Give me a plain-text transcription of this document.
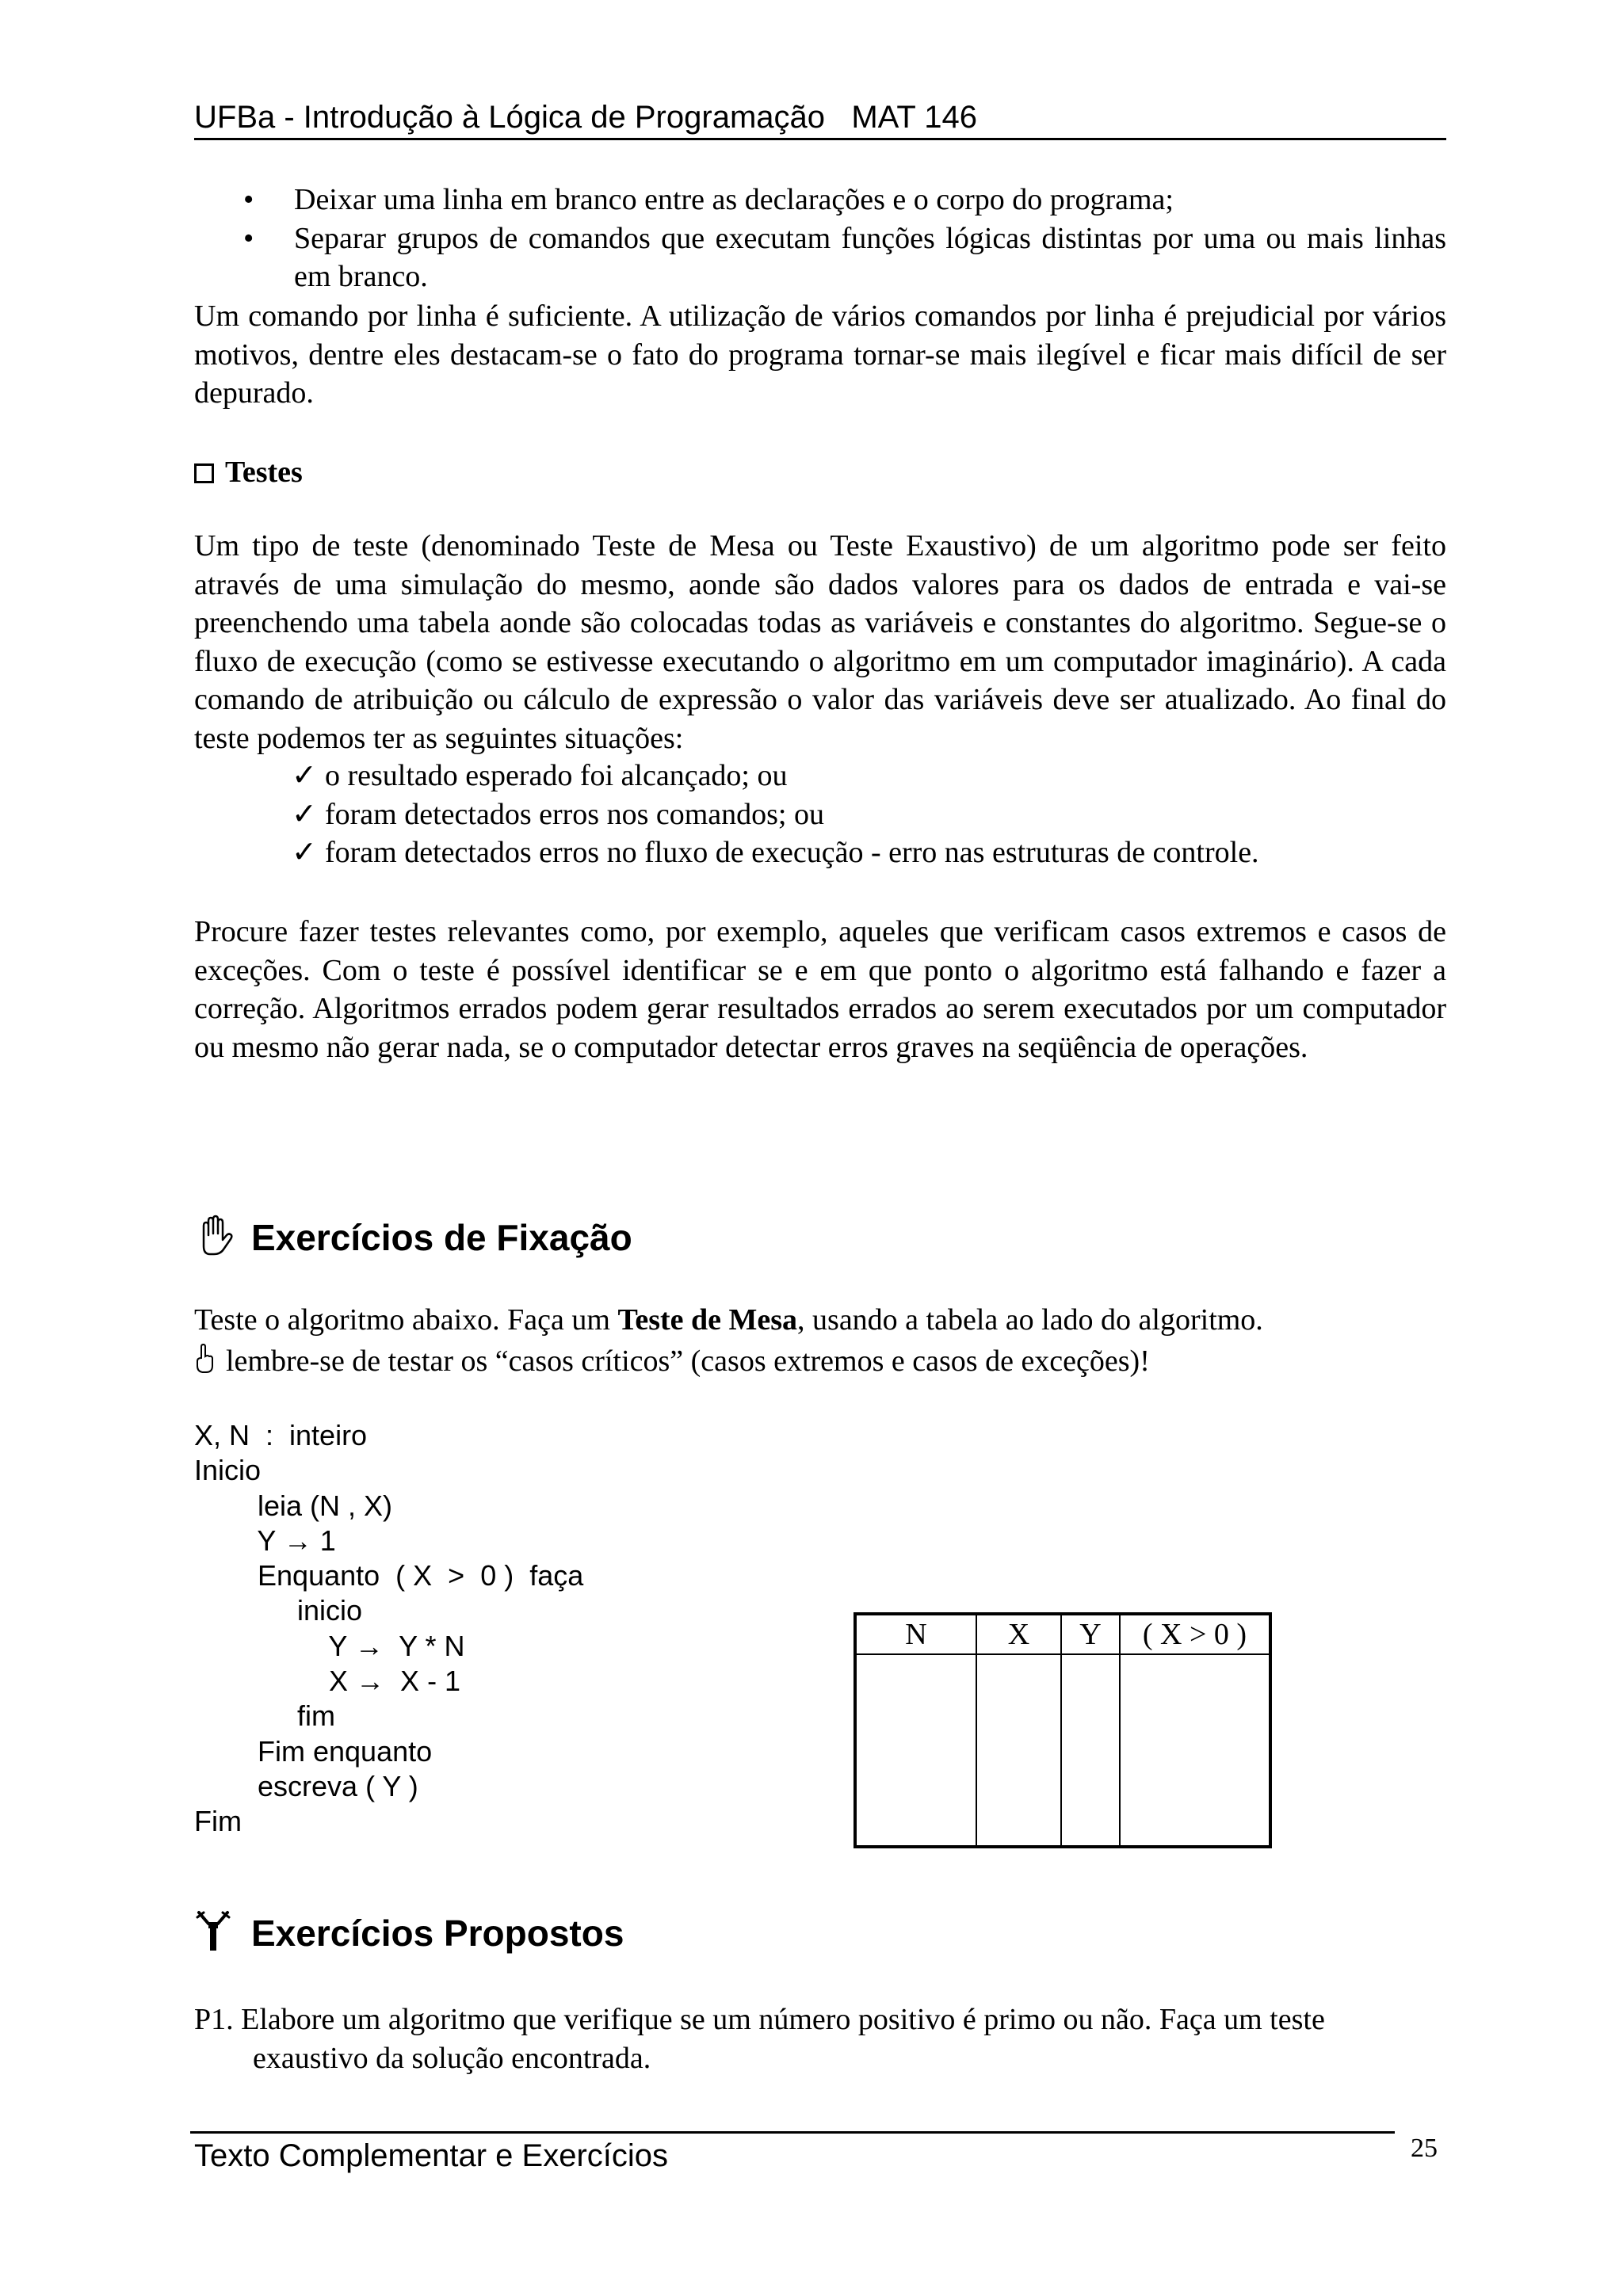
UFBa - Introdução à Lógica de Programação MAT 146
• Deixar uma linha em branco entre as declarações e o corpo do programa;
• Separar grupos de comandos que executam funções lógicas distintas por uma ou mais linhas em branco.
Um comando por linha é suficiente. A utilização de vários comandos por linha é prejudicial por vários motivos, dentre eles destacam-se o fato do programa tornar-se mais ilegível e ficar mais difícil de ser depurado.
Testes
Um tipo de teste (denominado Teste de Mesa ou Teste Exaustivo) de um algoritmo pode ser feito através de uma simulação do mesmo, aonde são dados valores para os dados de entrada e vai-se preenchendo uma tabela aonde são colocadas todas as variáveis e constantes do algoritmo. Segue-se o fluxo de execução (como se estivesse executando o algoritmo em um computador imaginário). A cada comando de atribuição ou cálculo de expressão o valor das variáveis deve ser atualizado. Ao final do teste podemos ter as seguintes situações:
✓ o resultado esperado foi alcançado; ou
✓ foram detectados erros nos comandos; ou
✓ foram detectados erros no fluxo de execução - erro nas estruturas de controle.
Procure fazer testes relevantes como, por exemplo, aqueles que verificam casos extremos e casos de exceções. Com o teste é possível identificar se e em que ponto o algoritmo está falhando e fazer a correção. Algoritmos errados podem gerar resultados errados ao serem executados por um computador ou mesmo não gerar nada, se o computador detectar erros graves na seqüência de operações.
Exercícios de Fixação
Teste o algoritmo abaixo. Faça um Teste de Mesa, usando a tabela ao lado do algoritmo.
lembre-se de testar os “casos críticos” (casos extremos e casos de exceções)!
X, N  :  inteiro
Inicio
leia (N , X)
Y → 1
Enquanto  ( X  >  0 )  faça
inicio
Y →  Y * N
X →  X - 1
fim
Fim enquanto
escreva ( Y )
Fim
N	X	Y	( X > 0 )

Exercícios Propostos
P1. Elabore um algoritmo que verifique se um número positivo é primo ou não. Faça um teste
exaustivo da solução encontrada.
Texto Complementar e Exercícios	25
